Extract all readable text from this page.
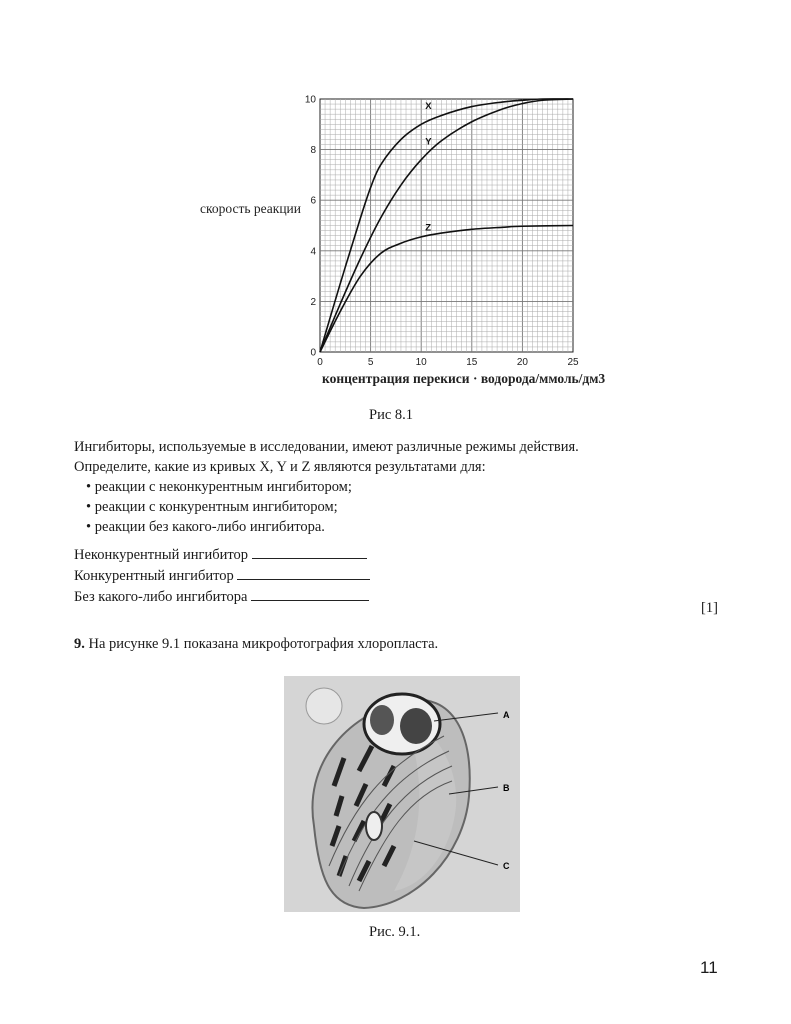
0	5	10	15	20	25
0
2
4
6
8
10
скорость реакции
концентрация перекиси · водорода/ммоль/дм3
X
Y
Z
Рис 8.1
Ингибиторы, используемые в исследовании, имеют различные режимы действия.
Определите, какие из кривых X, Y и Z являются результатами для:
• реакции с неконкурентным ингибитором;
• реакции с конкурентным ингибитором;
• реакции без какого-либо ингибитора.
Неконкурентный ингибитор
Конкурентный ингибитор
Без какого-либо ингибитора
[1]
9. На рисунке 9.1 показана микрофотография хлоропласта.
A
B
C
Рис. 9.1.
11
